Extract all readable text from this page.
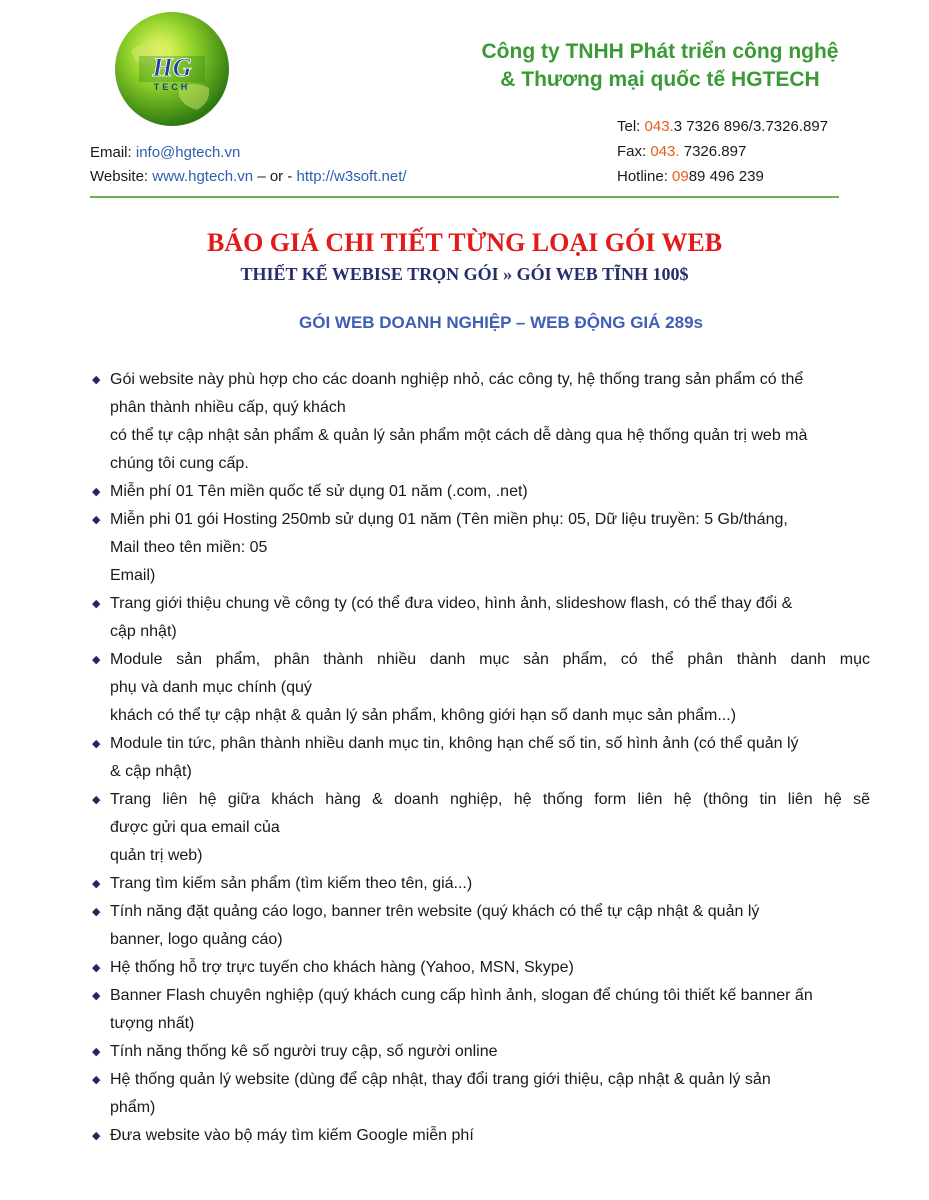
HG
TECH
Công ty TNHH Phát triển công nghệ
& Thương mại quốc tế HGTECH
Email: info@hgtech.vn
Website: www.hgtech.vn – or - http://w3soft.net/
Tel: 043.3 7326 896/3.7326.897
Fax: 043. 7326.897
Hotline: 0989 496 239
BÁO GIÁ CHI TIẾT TỪNG LOẠI GÓI WEB
THIẾT KẾ WEBISE TRỌN GÓI » GÓI WEB TĨNH 100$
GÓI WEB DOANH NGHIỆP – WEB ĐỘNG GIÁ 289s
◆ Gói website này phù hợp cho các doanh nghiệp nhỏ, các công ty, hệ thống trang sản phẩm có thể
phân thành nhiều cấp, quý khách
có thể tự cập nhật sản phẩm & quản lý sản phẩm một cách dễ dàng qua hệ thống quản trị web mà
chúng tôi cung cấp.
◆ Miễn phí 01 Tên miền quốc tế sử dụng 01 năm (.com, .net)
◆ Miễn phi 01 gói Hosting 250mb sử dụng 01 năm (Tên miền phụ: 05, Dữ liệu truyền: 5 Gb/tháng,
Mail theo tên miền: 05
Email)
◆ Trang giới thiệu chung về công ty (có thể đưa video, hình ảnh, slideshow flash, có thể thay đổi &
cập nhật)
◆ Module sản phẩm, phân thành nhiều danh mục sản phẩm, có thể phân thành danh mục
phụ và danh mục chính (quý
khách có thể tự cập nhật & quản lý sản phẩm, không giới hạn số danh mục sản phẩm...)
◆ Module tin tức, phân thành nhiều danh mục tin, không hạn chế số tin, số hình ảnh (có thể quản lý
& cập nhật)
◆ Trang liên hệ giữa khách hàng & doanh nghiệp, hệ thống form liên hệ (thông tin liên hệ sẽ
được gửi qua email của
quản trị web)
◆ Trang tìm kiếm sản phẩm (tìm kiếm theo tên, giá...)
◆ Tính năng đặt quảng cáo logo, banner trên website (quý khách có thể tự cập nhật & quản lý
banner, logo quảng cáo)
◆ Hệ thống hỗ trợ trực tuyến cho khách hàng (Yahoo, MSN, Skype)
◆ Banner Flash chuyên nghiệp (quý khách cung cấp hình ảnh, slogan để chúng tôi thiết kế banner ấn
tượng nhất)
◆ Tính năng thống kê số người truy cập, số người online
◆ Hệ thống quản lý website (dùng để cập nhật, thay đổi trang giới thiệu, cập nhật & quản lý sản
phẩm)
◆ Đưa website vào bộ máy tìm kiếm Google miễn phí
